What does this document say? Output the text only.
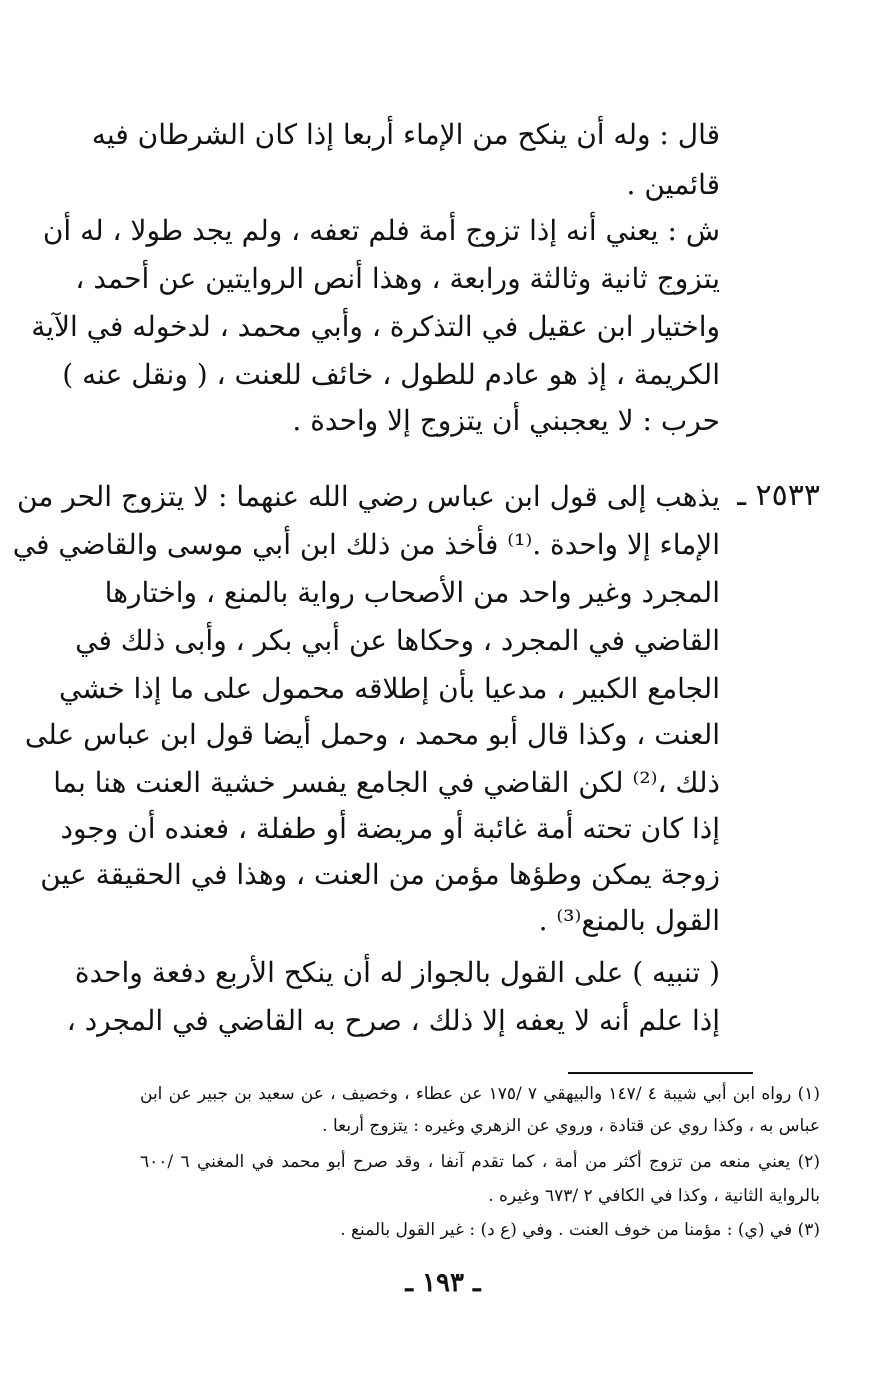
قال : وله أن ينكح من الإماء أربعا إذا كان الشرطان فيه
قائمين .
ش : يعني أنه إذا تزوج أمة فلم تعفه ، ولم يجد طولا ، له أن
يتزوج ثانية وثالثة ورابعة ، وهذا أنص الروايتين عن أحمد ،
واختيار ابن عقيل في التذكرة ، وأبي محمد ، لدخوله في الآية
الكريمة ، إذ هو عادم للطول ، خائف للعنت ، ( ونقل عنه )
حرب : لا يعجبني أن يتزوج إلا واحدة .
٢٥٣٣ ـ
يذهب إلى قول ابن عباس رضي الله عنهما : لا يتزوج الحر من
الإماء إلا واحدة .⁽¹⁾ فأخذ من ذلك ابن أبي موسى والقاضي في
المجرد وغير واحد من الأصحاب رواية بالمنع ، واختارها
القاضي في المجرد ، وحكاها عن أبي بكر ، وأبى ذلك في
الجامع الكبير ، مدعيا بأن إطلاقه محمول على ما إذا خشي
العنت ، وكذا قال أبو محمد ، وحمل أيضا قول ابن عباس على
ذلك ،⁽²⁾ لكن القاضي في الجامع يفسر خشية العنت هنا بما
إذا كان تحته أمة غائبة أو مريضة أو طفلة ، فعنده أن وجود
زوجة يمكن وطؤها مؤمن من العنت ، وهذا في الحقيقة عين
القول بالمنع⁽³⁾ .
( تنبيه ) على القول بالجواز له أن ينكح الأربع دفعة واحدة
إذا علم أنه لا يعفه إلا ذلك ، صرح به القاضي في المجرد ،
(١) رواه ابن أبي شيبة ٤ /١٤٧ والبيهقي ٧ /١٧٥ عن عطاء ، وخصيف ، عن سعيد بن جبير عن ابن
عباس به ، وكذا روي عن قتادة ، وروي عن الزهري وغيره : يتزوج أربعا .
(٢) يعني منعه من تزوج أكثر من أمة ، كما تقدم آنفا ، وقد صرح أبو محمد في المغني ٦ /٦٠٠
بالرواية الثانية ، وكذا في الكافي ٢ /٦٧٣ وغيره .
(٣) في (ي) : مؤمنا من خوف العنت . وفي (ع د) : غير القول بالمنع .
ـ ١٩٣ ـ
